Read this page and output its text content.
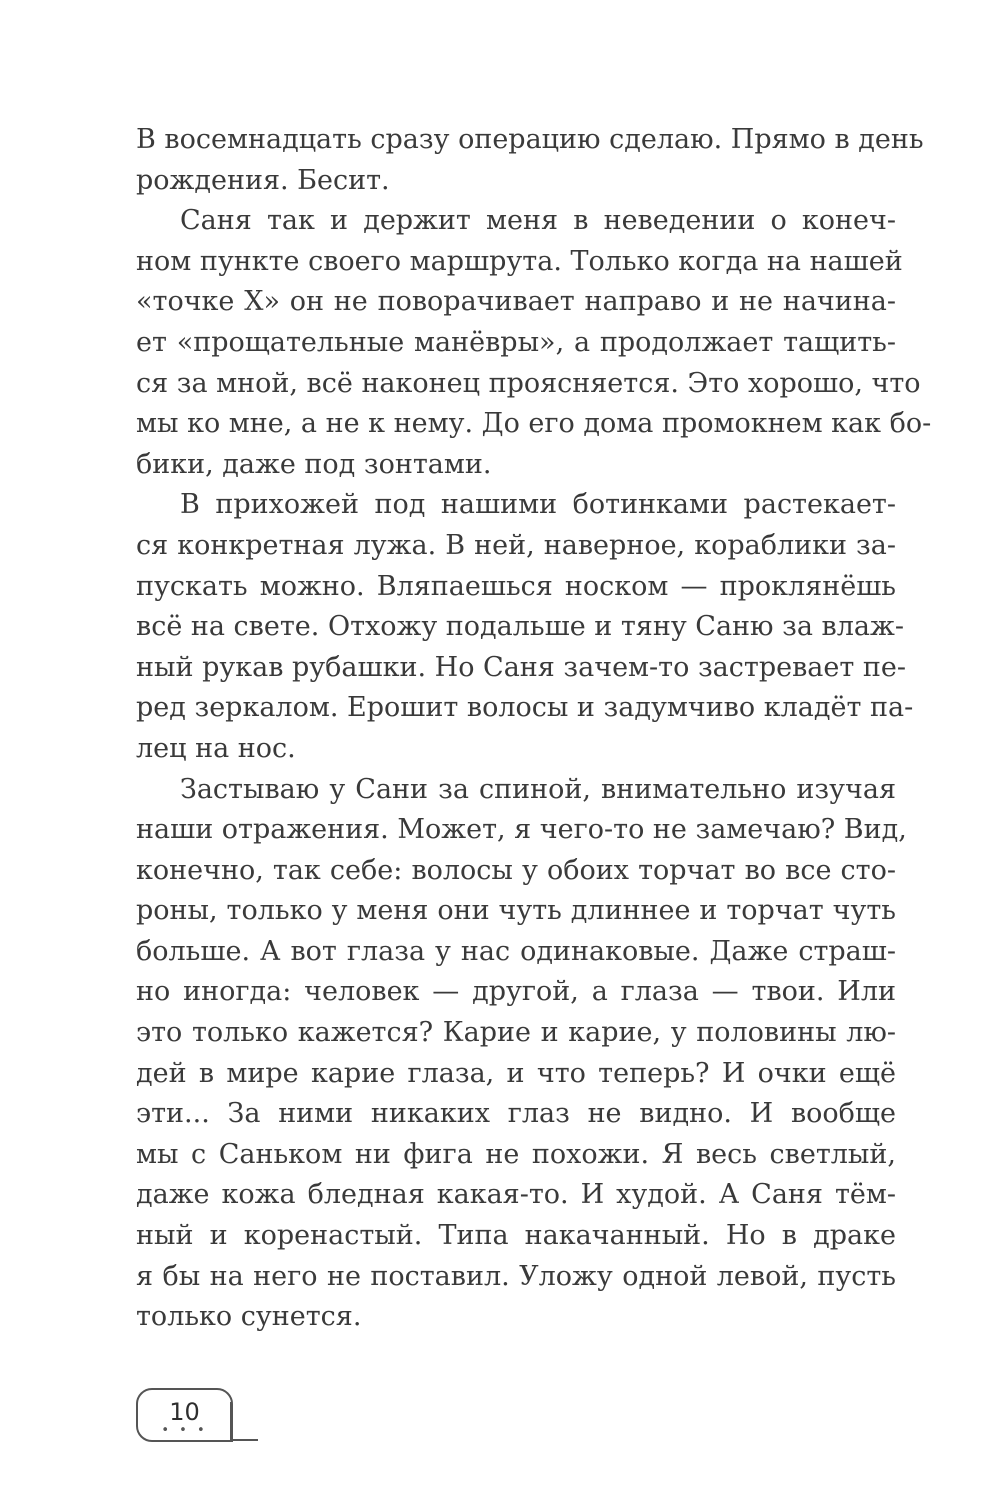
В восемнадцать сразу операцию сделаю. Прямо в день
рождения. Бесит.
Саня так и держит меня в неведении о конеч-
ном пункте своего маршрута. Только когда на нашей
«точке Х» он не поворачивает направо и не начина-
ет «прощательные манёвры», а продолжает тащить-
ся за мной, всё наконец проясняется. Это хорошо, что
мы ко мне, а не к нему. До его дома промокнем как бо-
бики, даже под зонтами.
В прихожей под нашими ботинками растекает-
ся конкретная лужа. В ней, наверное, кораблики за-
пускать можно. Вляпаешься носком — проклянёшь
всё на свете. Отхожу подальше и тяну Саню за влаж-
ный рукав рубашки. Но Саня зачем-то застревает пе-
ред зеркалом. Ерошит волосы и задумчиво кладёт па-
лец на нос.
Застываю у Сани за спиной, внимательно изучая
наши отражения. Может, я чего-то не замечаю? Вид,
конечно, так себе: волосы у обоих торчат во все сто-
роны, только у меня они чуть длиннее и торчат чуть
больше. А вот глаза у нас одинаковые. Даже страш-
но иногда: человек — другой, а глаза — твои. Или
это только кажется? Карие и карие, у половины лю-
дей в мире карие глаза, и что теперь? И очки ещё
эти... За ними никаких глаз не видно. И вообще
мы с Саньком ни фига не похожи. Я весь светлый,
даже кожа бледная какая-то. И худой. А Саня тём-
ный и коренастый. Типа накачанный. Но в драке
я бы на него не поставил. Уложу одной левой, пусть
только сунется.
10
• • •
